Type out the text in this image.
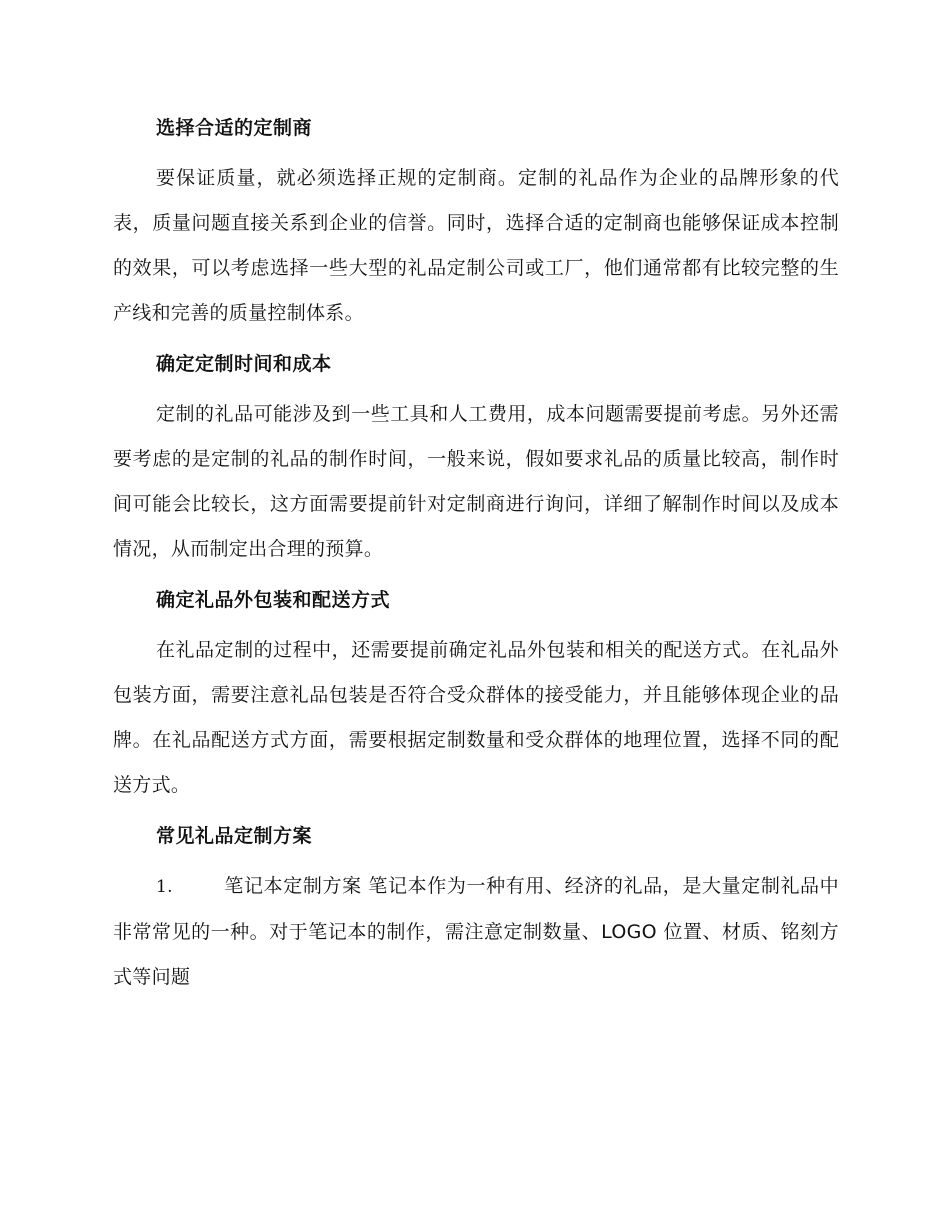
选择合适的定制商

要保证质量，就必须选择正规的定制商。定制的礼品作为企业的品牌形象的代表，质量问题直接关系到企业的信誉。同时，选择合适的定制商也能够保证成本控制的效果，可以考虑选择一些大型的礼品定制公司或工厂，他们通常都有比较完整的生产线和完善的质量控制体系。

确定定制时间和成本

定制的礼品可能涉及到一些工具和人工费用，成本问题需要提前考虑。另外还需要考虑的是定制的礼品的制作时间，一般来说，假如要求礼品的质量比较高，制作时间可能会比较长，这方面需要提前针对定制商进行询问，详细了解制作时间以及成本情况，从而制定出合理的预算。

确定礼品外包装和配送方式

在礼品定制的过程中，还需要提前确定礼品外包装和相关的配送方式。在礼品外包装方面，需要注意礼品包装是否符合受众群体的接受能力，并且能够体现企业的品牌。在礼品配送方式方面，需要根据定制数量和受众群体的地理位置，选择不同的配送方式。

常见礼品定制方案
1.	笔记本定制方案 笔记本作为一种有用、经济的礼品，是大量定制礼品中非常常见的一种。对于笔记本的制作，需注意定制数量、LOGO 位置、材质、铭刻方式等问题
